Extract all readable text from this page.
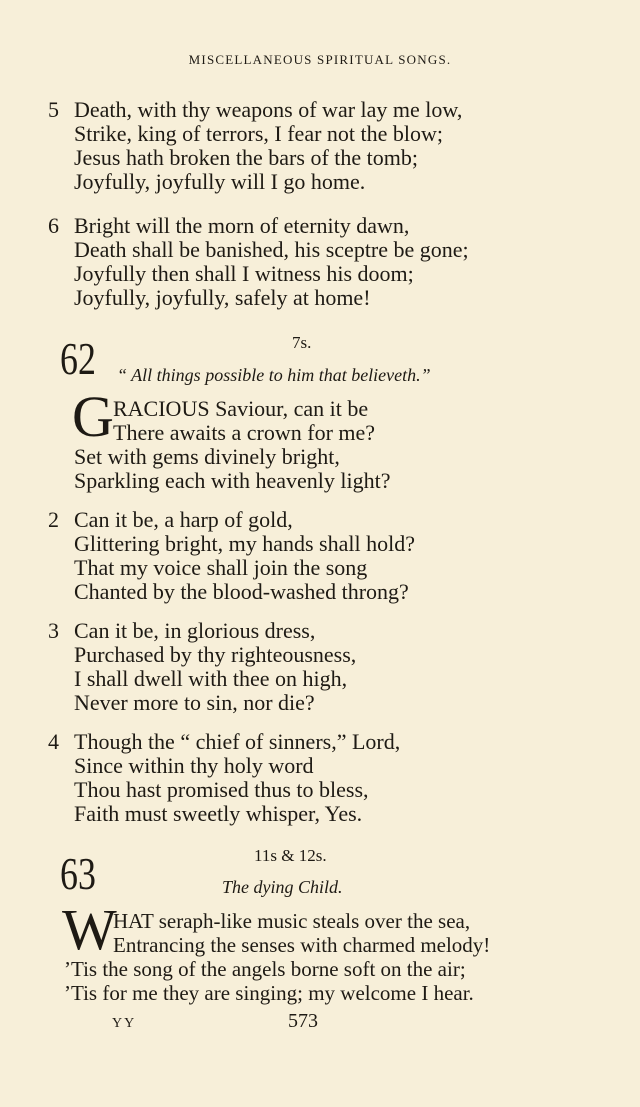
MISCELLANEOUS SPIRITUAL SONGS.
5 Death, with thy weapons of war lay me low,
Strike, king of terrors, I fear not the blow;
Jesus hath broken the bars of the tomb;
Joyfully, joyfully will I go home.
6 Bright will the morn of eternity dawn,
Death shall be banished, his sceptre be gone;
Joyfully then shall I witness his doom;
Joyfully, joyfully, safely at home!
62	7s.
“ All things possible to him that believeth.”
G RACIOUS Saviour, can it be
There awaits a crown for me?
Set with gems divinely bright,
Sparkling each with heavenly light?
2 Can it be, a harp of gold,
Glittering bright, my hands shall hold?
That my voice shall join the song
Chanted by the blood-washed throng?
3 Can it be, in glorious dress,
Purchased by thy righteousness,
I shall dwell with thee on high,
Never more to sin, nor die?
4 Though the “ chief of sinners,” Lord,
Since within thy holy word
Thou hast promised thus to bless,
Faith must sweetly whisper, Yes.
63	11s & 12s.
The dying Child.
W
HAT seraph-like music steals over the sea,
Entrancing the senses with charmed melody!
’Tis the song of the angels borne soft on the air;
’Tis for me they are singing; my welcome I hear.
YY	573
